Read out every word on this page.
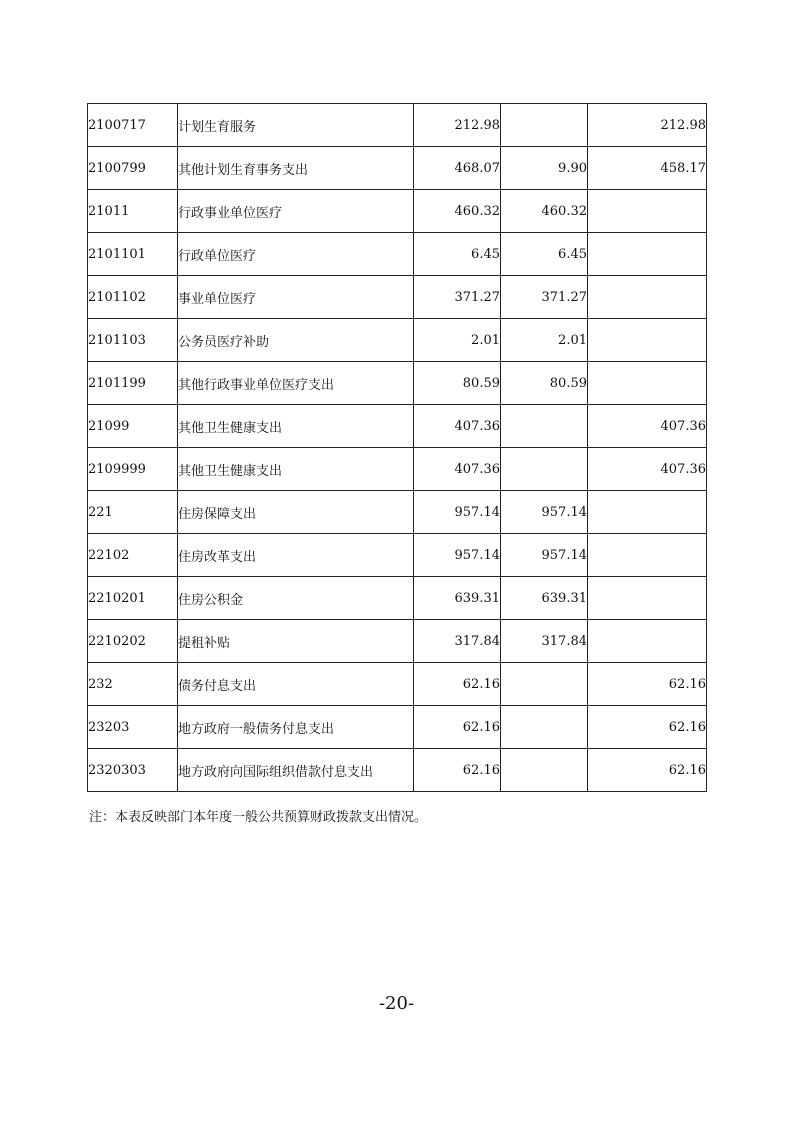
2100717	计划生育服务	212.98		212.98
2100799	其他计划生育事务支出	468.07	9.90	458.17
21011	行政事业单位医疗	460.32	460.32	
2101101	行政单位医疗	6.45	6.45	
2101102	事业单位医疗	371.27	371.27	
2101103	公务员医疗补助	2.01	2.01	
2101199	其他行政事业单位医疗支出	80.59	80.59	
21099	其他卫生健康支出	407.36		407.36
2109999	其他卫生健康支出	407.36		407.36
221	住房保障支出	957.14	957.14	
22102	住房改革支出	957.14	957.14	
2210201	住房公积金	639.31	639.31	
2210202	提租补贴	317.84	317.84	
232	债务付息支出	62.16		62.16
23203	地方政府一般债务付息支出	62.16		62.16
2320303	地方政府向国际组织借款付息支出	62.16		62.16
注：本表反映部门本年度一般公共预算财政拨款支出情况。
-20-
